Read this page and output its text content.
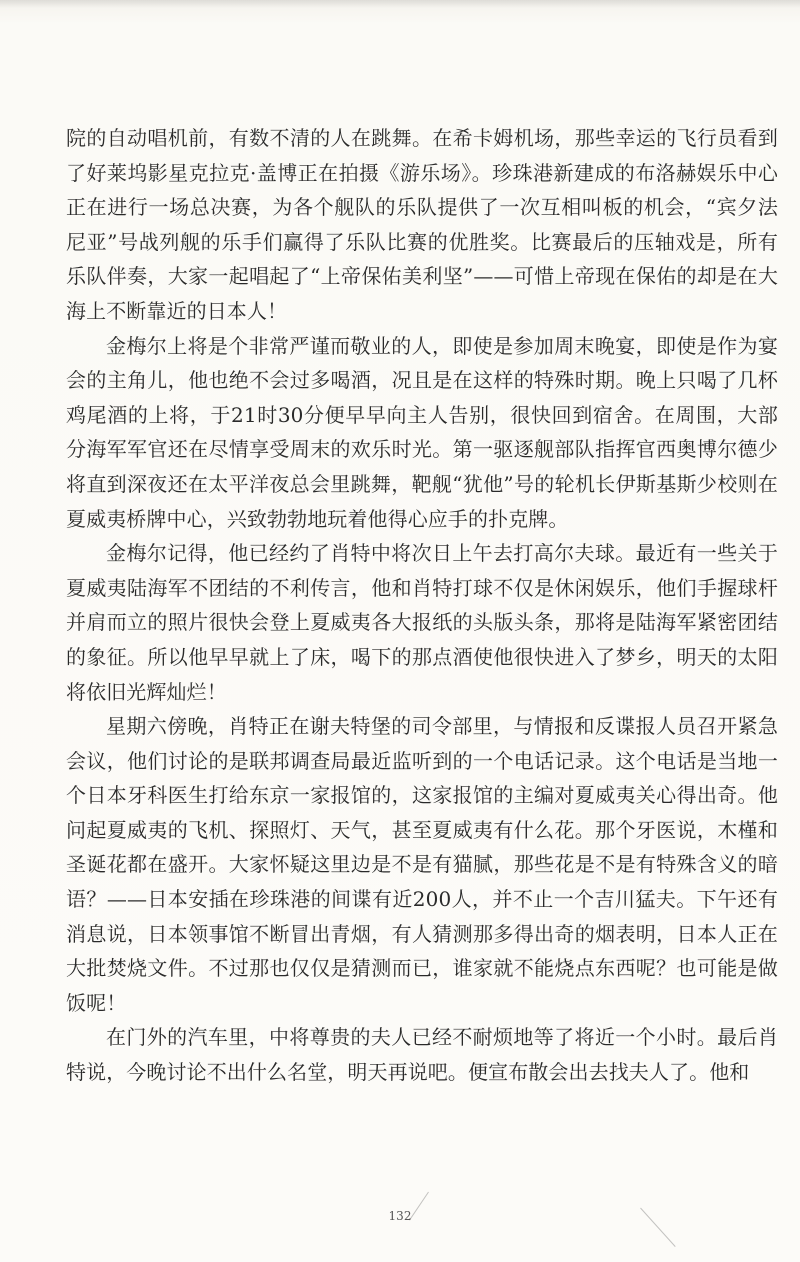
院的自动唱机前，有数不清的人在跳舞。在希卡姆机场，那些幸运的飞行员看到了好莱坞影星克拉克·盖博正在拍摄《游乐场》。珍珠港新建成的布洛赫娱乐中心正在进行一场总决赛，为各个舰队的乐队提供了一次互相叫板的机会，“宾夕法尼亚”号战列舰的乐手们赢得了乐队比赛的优胜奖。比赛最后的压轴戏是，所有乐队伴奏，大家一起唱起了“上帝保佑美利坚”——可惜上帝现在保佑的却是在大海上不断靠近的日本人！

金梅尔上将是个非常严谨而敬业的人，即使是参加周末晚宴，即使是作为宴会的主角儿，他也绝不会过多喝酒，况且是在这样的特殊时期。晚上只喝了几杯鸡尾酒的上将，于21时30分便早早向主人告别，很快回到宿舍。在周围，大部分海军军官还在尽情享受周末的欢乐时光。第一驱逐舰部队指挥官西奥博尔德少将直到深夜还在太平洋夜总会里跳舞，靶舰“犹他”号的轮机长伊斯基斯少校则在夏威夷桥牌中心，兴致勃勃地玩着他得心应手的扑克牌。

金梅尔记得，他已经约了肖特中将次日上午去打高尔夫球。最近有一些关于夏威夷陆海军不团结的不利传言，他和肖特打球不仅是休闲娱乐，他们手握球杆并肩而立的照片很快会登上夏威夷各大报纸的头版头条，那将是陆海军紧密团结的象征。所以他早早就上了床，喝下的那点酒使他很快进入了梦乡，明天的太阳将依旧光辉灿烂！

星期六傍晚，肖特正在谢夫特堡的司令部里，与情报和反谍报人员召开紧急会议，他们讨论的是联邦调查局最近监听到的一个电话记录。这个电话是当地一个日本牙科医生打给东京一家报馆的，这家报馆的主编对夏威夷关心得出奇。他问起夏威夷的飞机、探照灯、天气，甚至夏威夷有什么花。那个牙医说，木槿和圣诞花都在盛开。大家怀疑这里边是不是有猫腻，那些花是不是有特殊含义的暗语？——日本安插在珍珠港的间谍有近200人，并不止一个吉川猛夫。下午还有消息说，日本领事馆不断冒出青烟，有人猜测那多得出奇的烟表明，日本人正在大批焚烧文件。不过那也仅仅是猜测而已，谁家就不能烧点东西呢？也可能是做饭呢！

在门外的汽车里，中将尊贵的夫人已经不耐烦地等了将近一个小时。最后肖特说，今晚讨论不出什么名堂，明天再说吧。便宣布散会出去找夫人了。他和

132
